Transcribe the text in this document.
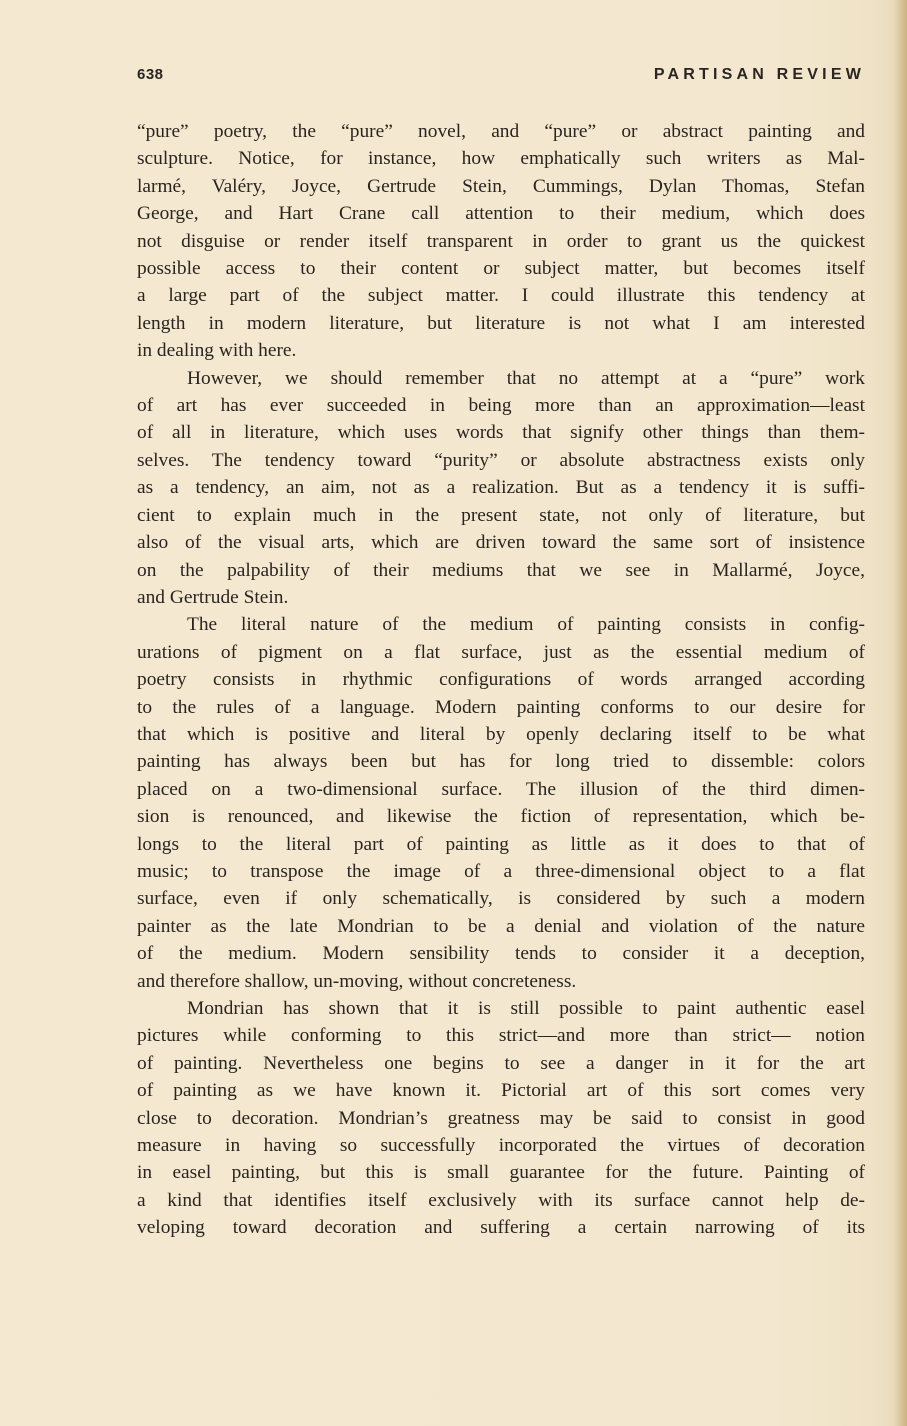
638	PARTISAN REVIEW

“pure” poetry, the “pure” novel, and “pure” or abstract painting and
sculpture. Notice, for instance, how emphatically such writers as Mal-
larmé, Valéry, Joyce, Gertrude Stein, Cummings, Dylan Thomas, Stefan
George, and Hart Crane call attention to their medium, which does
not disguise or render itself transparent in order to grant us the quickest
possible access to their content or subject matter, but becomes itself
a large part of the subject matter. I could illustrate this tendency at
length in modern literature, but literature is not what I am interested
in dealing with here.

However, we should remember that no attempt at a “pure” work
of art has ever succeeded in being more than an approximation—least
of all in literature, which uses words that signify other things than them-
selves. The tendency toward “purity” or absolute abstractness exists only
as a tendency, an aim, not as a realization. But as a tendency it is suffi-
cient to explain much in the present state, not only of literature, but
also of the visual arts, which are driven toward the same sort of insistence
on the palpability of their mediums that we see in Mallarmé, Joyce,
and Gertrude Stein.

The literal nature of the medium of painting consists in config-
urations of pigment on a flat surface, just as the essential medium of
poetry consists in rhythmic configurations of words arranged according
to the rules of a language. Modern painting conforms to our desire for
that which is positive and literal by openly declaring itself to be what
painting has always been but has for long tried to dissemble: colors
placed on a two-dimensional surface. The illusion of the third dimen-
sion is renounced, and likewise the fiction of representation, which be-
longs to the literal part of painting as little as it does to that of
music; to transpose the image of a three-dimensional object to a flat
surface, even if only schematically, is considered by such a modern
painter as the late Mondrian to be a denial and violation of the nature
of the medium. Modern sensibility tends to consider it a deception,
and therefore shallow, un-moving, without concreteness.

Mondrian has shown that it is still possible to paint authentic easel
pictures while conforming to this strict—and more than strict— notion
of painting. Nevertheless one begins to see a danger in it for the art
of painting as we have known it. Pictorial art of this sort comes very
close to decoration. Mondrian’s greatness may be said to consist in good
measure in having so successfully incorporated the virtues of decoration
in easel painting, but this is small guarantee for the future. Painting of
a kind that identifies itself exclusively with its surface cannot help de-
veloping toward decoration and suffering a certain narrowing of its
